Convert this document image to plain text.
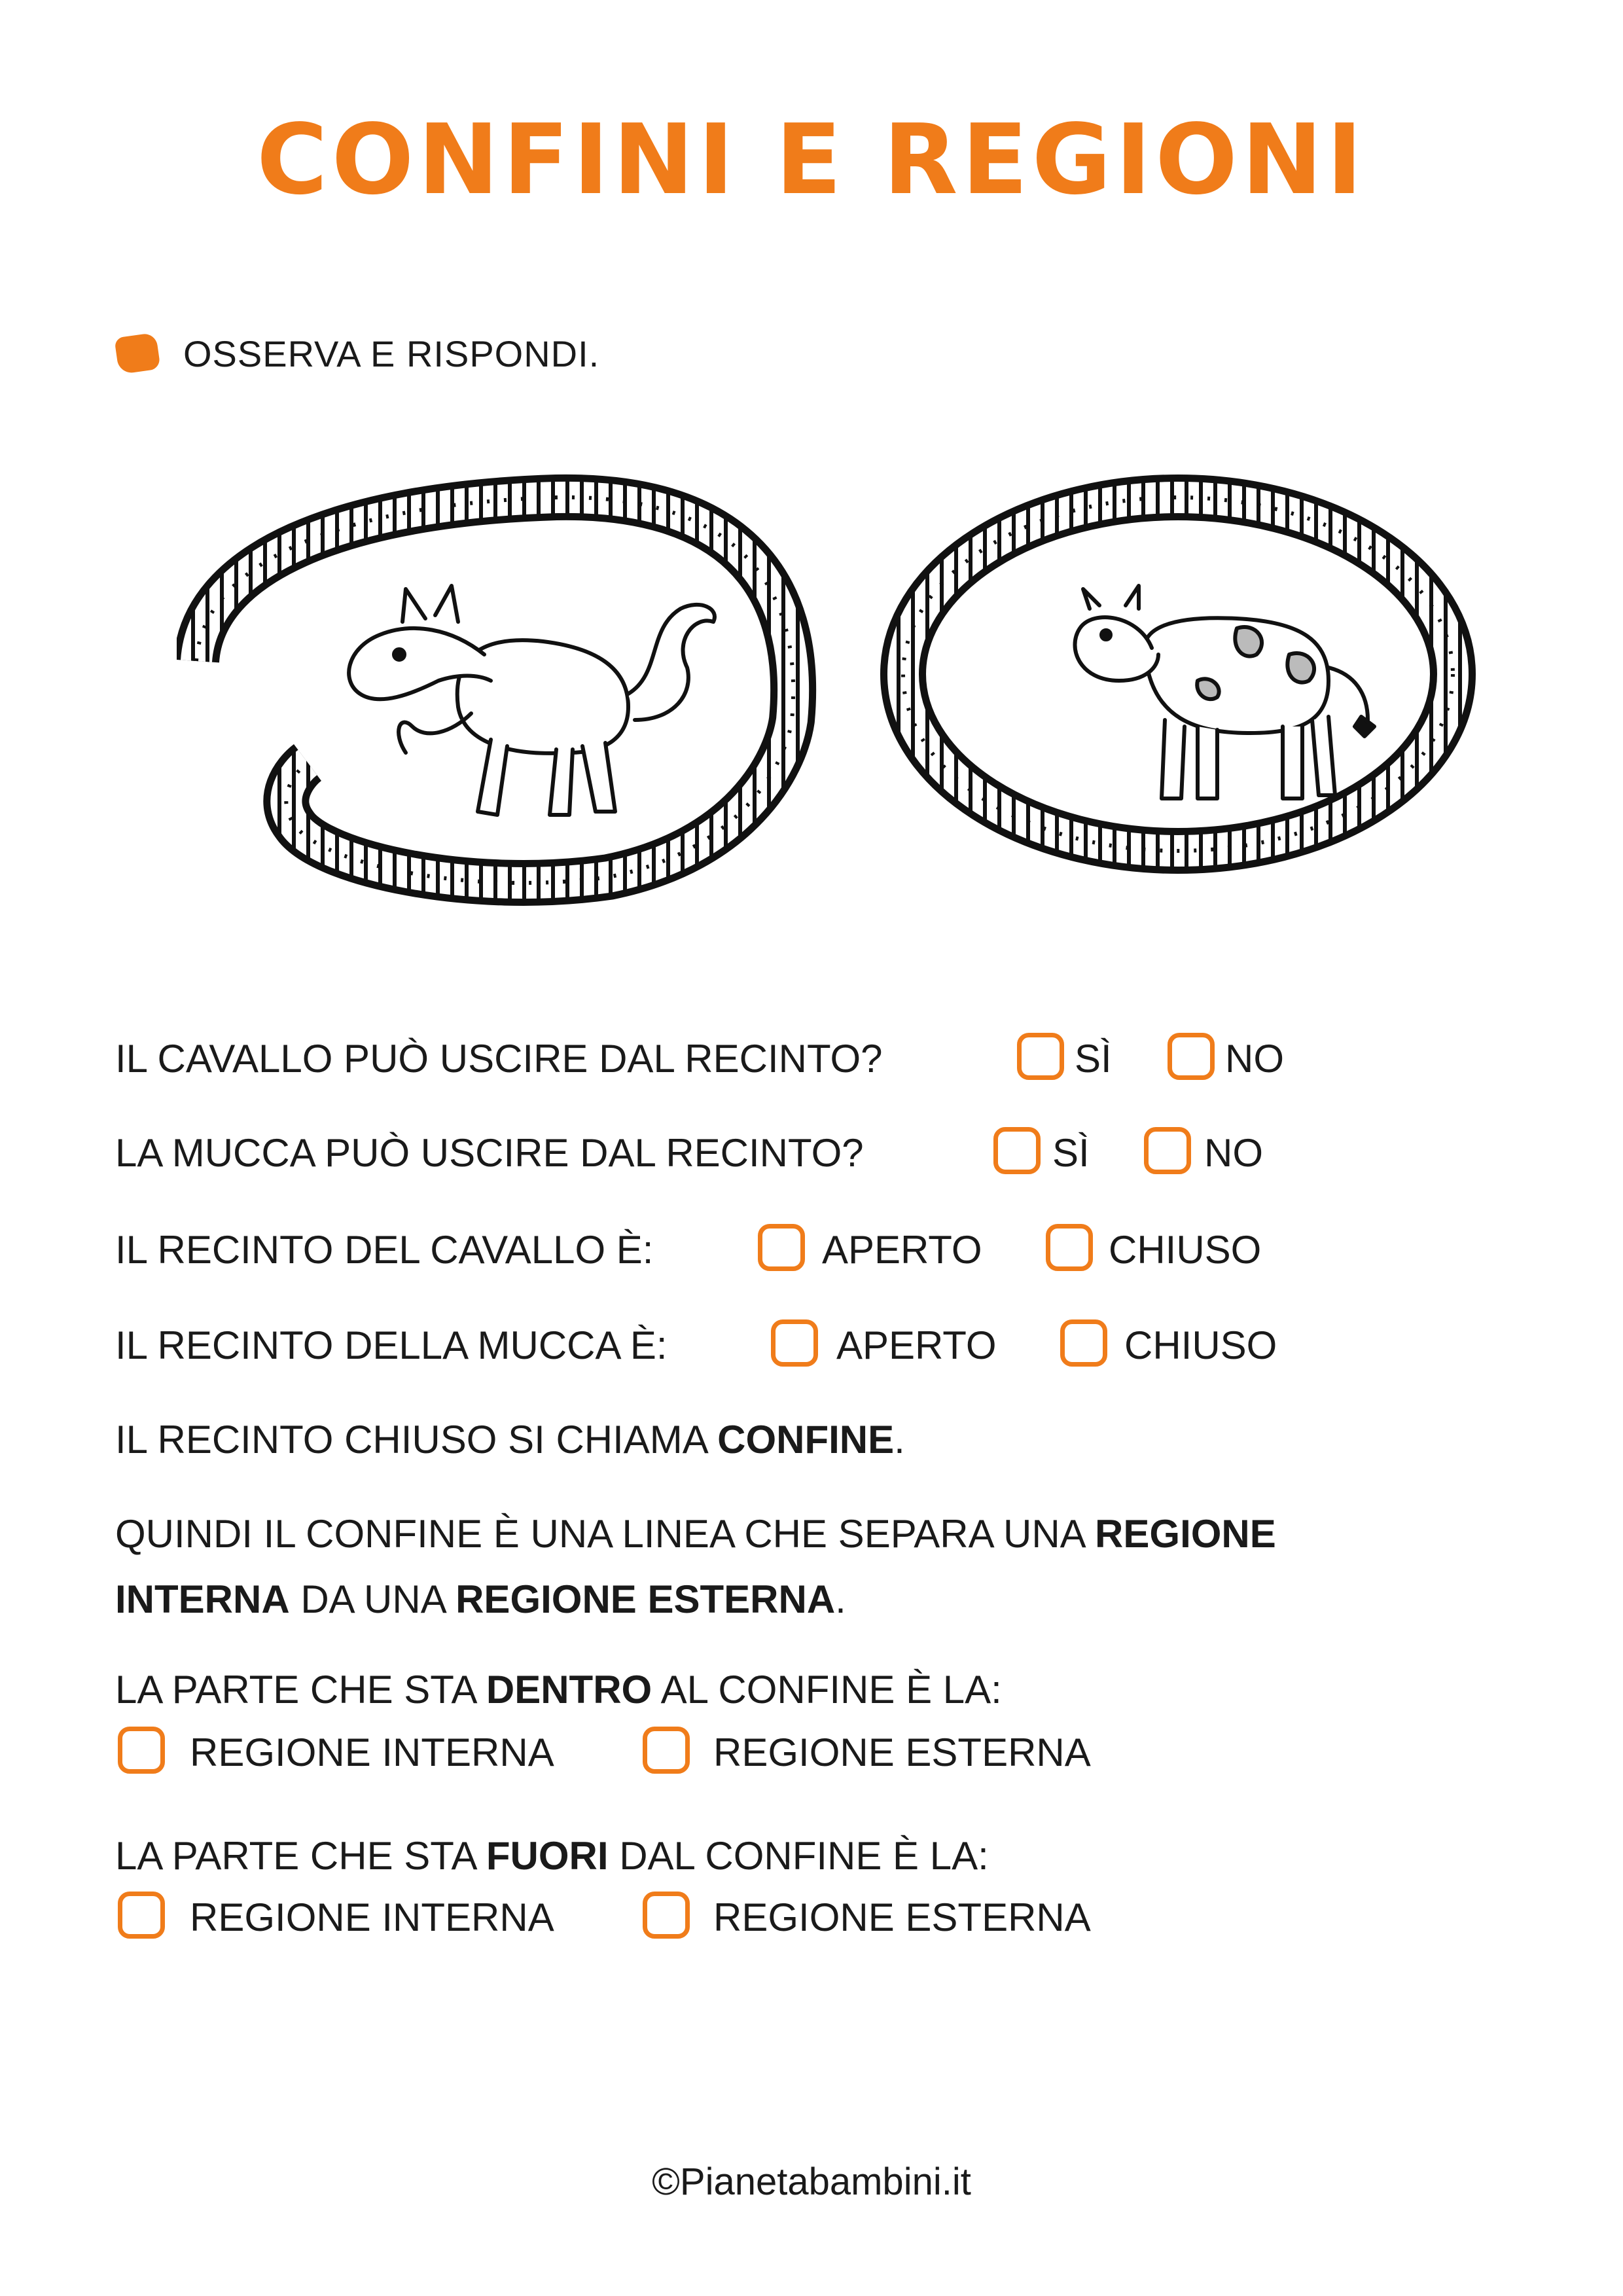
CONFINI E REGIONI
OSSERVA E RISPONDI.
IL CAVALLO PUÒ USCIRE DAL RECINTO?	SÌ	NO
LA MUCCA PUÒ USCIRE DAL RECINTO?	SÌ	NO
IL RECINTO DEL CAVALLO È:	APERTO	CHIUSO
IL RECINTO DELLA MUCCA È:	APERTO	CHIUSO
IL RECINTO CHIUSO SI CHIAMA CONFINE.
QUINDI IL CONFINE È UNA LINEA CHE SEPARA UNA REGIONE
INTERNA DA UNA REGIONE ESTERNA.
LA PARTE CHE STA DENTRO AL CONFINE È LA:
REGIONE INTERNA	REGIONE ESTERNA
LA PARTE CHE STA FUORI DAL CONFINE È LA:
REGIONE INTERNA	REGIONE ESTERNA
©Pianetabambini.it
